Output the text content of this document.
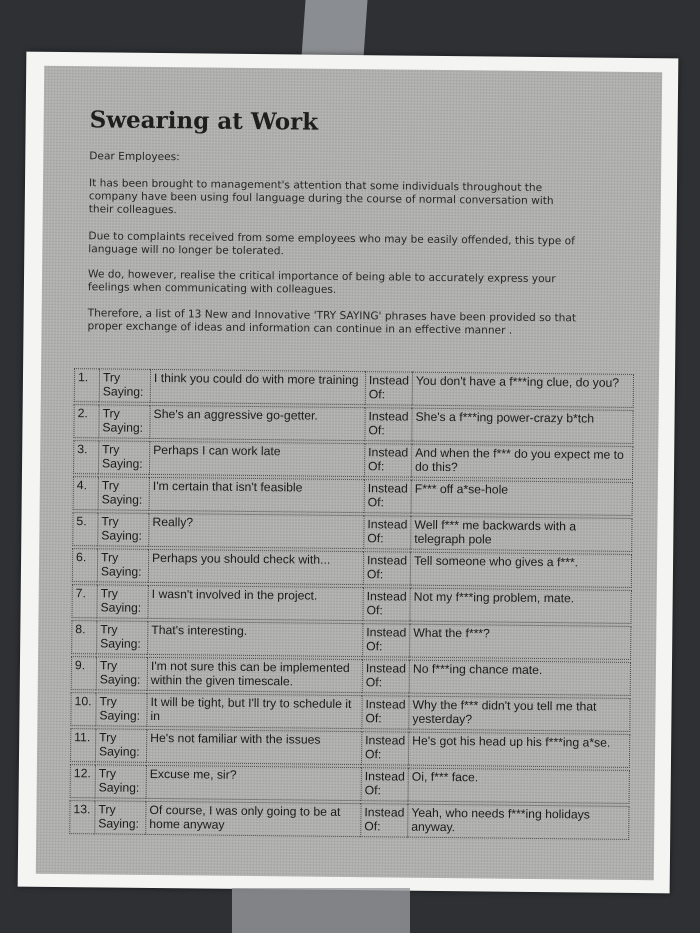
Swearing at Work

Dear Employees:

It has been brought to management's attention that some individuals throughout the company have been using foul language during the course of normal conversation with their colleagues.

Due to complaints received from some employees who may be easily offended, this type of language will no longer be tolerated.

We do, however, realise the critical importance of being able to accurately express your feelings when communicating with colleagues.

Therefore, a list of 13 New and Innovative 'TRY SAYING' phrases have been provided so that proper exchange of ideas and information can continue in an effective manner .

1.	Try Saying:	I think you could do with more training	Instead Of:	You don't have a f***ing clue, do you?
2.	Try Saying:	She's an aggressive go-getter.	Instead Of:	She's a f***ing power-crazy b*tch
3.	Try Saying:	Perhaps I can work late	Instead Of:	And when the f*** do you expect me to do this?
4.	Try Saying:	I'm certain that isn't feasible	Instead Of:	F*** off a*se-hole
5.	Try Saying:	Really?	Instead Of:	Well f*** me backwards with a telegraph pole
6.	Try Saying:	Perhaps you should check with...	Instead Of:	Tell someone who gives a f***.
7.	Try Saying:	I wasn't involved in the project.	Instead Of:	Not my f***ing problem, mate.
8.	Try Saying:	That's interesting.	Instead Of:	What the f***?
9.	Try Saying:	I'm not sure this can be implemented within the given timescale.	Instead Of:	No f***ing chance mate.
10.	Try Saying:	It will be tight, but I'll try to schedule it in	Instead Of:	Why the f*** didn't you tell me that yesterday?
11.	Try Saying:	He's not familiar with the issues	Instead Of:	He's got his head up his f***ing a*se.
12.	Try Saying:	Excuse me, sir?	Instead Of:	Oi, f*** face.
13.	Try Saying:	Of course, I was only going to be at home anyway	Instead Of:	Yeah, who needs f***ing holidays anyway.
